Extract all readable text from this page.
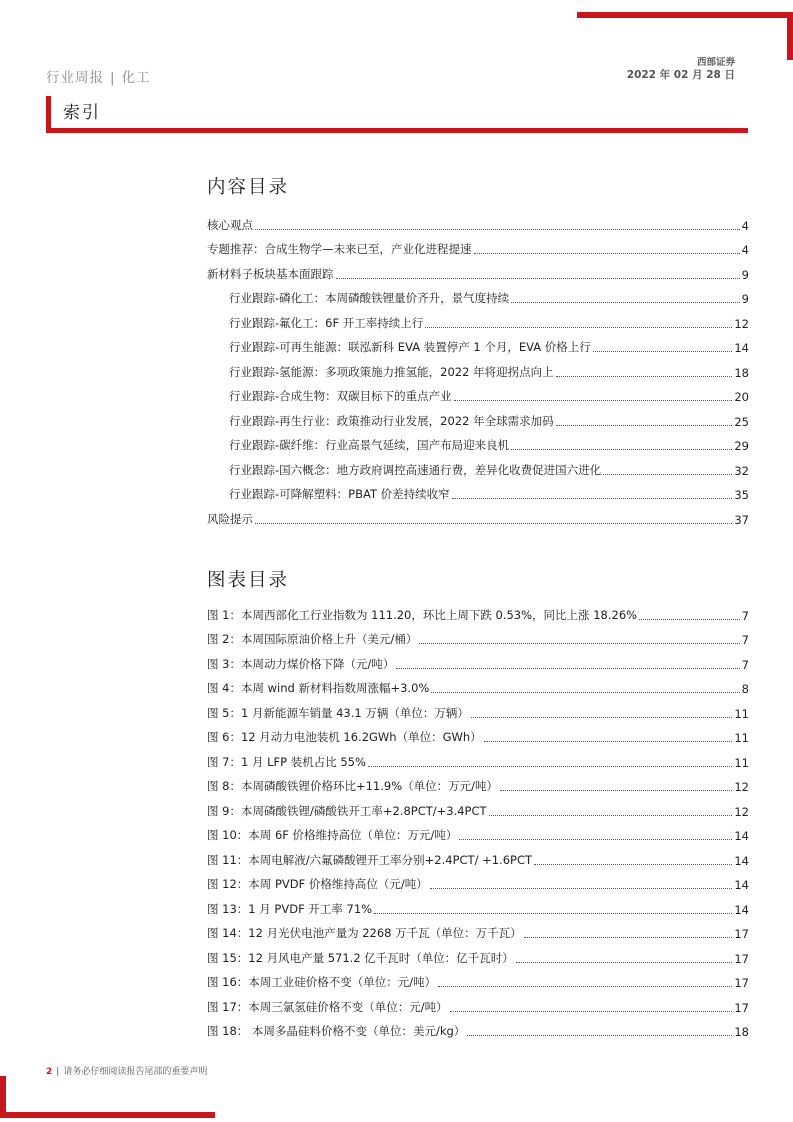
行业周报 | 化工
西部证券
2022 年 02 月 28 日
索引
内容目录
核心观点	4
专题推荐：合成生物学—未来已至，产业化进程提速	4
新材料子板块基本面跟踪	9
行业跟踪-磷化工：本周磷酸铁锂量价齐升，景气度持续	9
行业跟踪-氟化工：6F 开工率持续上行	12
行业跟踪-可再生能源：联泓新科 EVA 装置停产 1 个月，EVA 价格上行	14
行业跟踪-氢能源：多项政策施力推氢能，2022 年将迎拐点向上	18
行业跟踪-合成生物：双碳目标下的重点产业	20
行业跟踪-再生行业：政策推动行业发展，2022 年全球需求加码	25
行业跟踪-碳纤维：行业高景气延续，国产布局迎来良机	29
行业跟踪-国六概念：地方政府调控高速通行费，差异化收费促进国六进化	32
行业跟踪-可降解塑料：PBAT 价差持续收窄	35
风险提示	37
图表目录
图 1：本周西部化工行业指数为 111.20，环比上周下跌 0.53%，同比上涨 18.26%	7
图 2：本周国际原油价格上升（美元/桶）	7
图 3：本周动力煤价格下降（元/吨）	7
图 4：本周 wind 新材料指数周涨幅+3.0%	8
图 5：1 月新能源车销量 43.1 万辆（单位：万辆）	11
图 6：12 月动力电池装机 16.2GWh（单位：GWh）	11
图 7：1 月 LFP 装机占比 55%	11
图 8：本周磷酸铁锂价格环比+11.9%（单位：万元/吨）	12
图 9：本周磷酸铁锂/磷酸铁开工率+2.8PCT/+3.4PCT	12
图 10：本周 6F 价格维持高位（单位：万元/吨）	14
图 11：本周电解液/六氟磷酸锂开工率分别+2.4PCT/ +1.6PCT	14
图 12：本周 PVDF 价格维持高位（元/吨）	14
图 13：1 月 PVDF 开工率 71%	14
图 14：12 月光伏电池产量为 2268 万千瓦（单位：万千瓦）	17
图 15：12 月风电产量 571.2 亿千瓦时（单位：亿千瓦时）	17
图 16：本周工业硅价格不变（单位：元/吨）	17
图 17：本周三氯氢硅价格不变（单位：元/吨）	17
图 18： 本周多晶硅料价格不变（单位：美元/kg）	18
2 | 请务必仔细阅读报告尾部的重要声明
